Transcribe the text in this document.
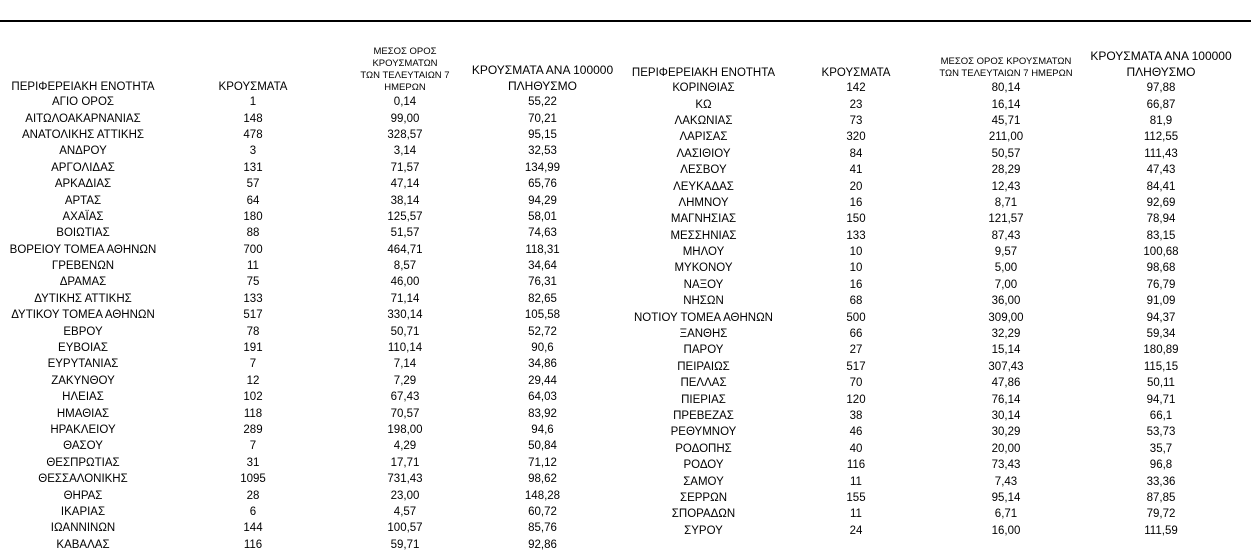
ΠΕΡΙΦΕΡΕΙΑΚΗ ΕΝΟΤΗΤΑ	ΚΡΟΥΣΜΑΤΑ	ΜΕΣΟΣ ΟΡΟΣ ΚΡΟΥΣΜΑΤΩΝ
ΤΩΝ ΤΕΛΕΥΤΑΙΩΝ 7 ΗΜΕΡΩΝ	ΚΡΟΥΣΜΑΤΑ ΑΝΑ 100000
ΠΛΗΘΥΣΜΟ
ΑΓΙΟ ΟΡΟΣ	1	0,14	55,22
ΑΙΤΩΛΟΑΚΑΡΝΑΝΙΑΣ	148	99,00	70,21
ΑΝΑΤΟΛΙΚΗΣ ΑΤΤΙΚΗΣ	478	328,57	95,15
ΑΝΔΡΟΥ	3	3,14	32,53
ΑΡΓΟΛΙΔΑΣ	131	71,57	134,99
ΑΡΚΑΔΙΑΣ	57	47,14	65,76
ΑΡΤΑΣ	64	38,14	94,29
ΑΧΑΪΑΣ	180	125,57	58,01
ΒΟΙΩΤΙΑΣ	88	51,57	74,63
ΒΟΡΕΙΟΥ ΤΟΜΕΑ ΑΘΗΝΩΝ	700	464,71	118,31
ΓΡΕΒΕΝΩΝ	11	8,57	34,64
ΔΡΑΜΑΣ	75	46,00	76,31
ΔΥΤΙΚΗΣ ΑΤΤΙΚΗΣ	133	71,14	82,65
ΔΥΤΙΚΟΥ ΤΟΜΕΑ ΑΘΗΝΩΝ	517	330,14	105,58
ΕΒΡΟΥ	78	50,71	52,72
ΕΥΒΟΙΑΣ	191	110,14	90,6
ΕΥΡΥΤΑΝΙΑΣ	7	7,14	34,86
ΖΑΚΥΝΘΟΥ	12	7,29	29,44
ΗΛΕΙΑΣ	102	67,43	64,03
ΗΜΑΘΙΑΣ	118	70,57	83,92
ΗΡΑΚΛΕΙΟΥ	289	198,00	94,6
ΘΑΣΟΥ	7	4,29	50,84
ΘΕΣΠΡΩΤΙΑΣ	31	17,71	71,12
ΘΕΣΣΑΛΟΝΙΚΗΣ	1095	731,43	98,62
ΘΗΡΑΣ	28	23,00	148,28
ΙΚΑΡΙΑΣ	6	4,57	60,72
ΙΩΑΝΝΙΝΩΝ	144	100,57	85,76
ΚΑΒΑΛΑΣ	116	59,71	92,86
ΠΕΡΙΦΕΡΕΙΑΚΗ ΕΝΟΤΗΤΑ	ΚΡΟΥΣΜΑΤΑ	ΜΕΣΟΣ ΟΡΟΣ ΚΡΟΥΣΜΑΤΩΝ
ΤΩΝ ΤΕΛΕΥΤΑΙΩΝ 7 ΗΜΕΡΩΝ	ΚΡΟΥΣΜΑΤΑ ΑΝΑ 100000
ΠΛΗΘΥΣΜΟ
ΚΟΡΙΝΘΙΑΣ	142	80,14	97,88
ΚΩ	23	16,14	66,87
ΛΑΚΩΝΙΑΣ	73	45,71	81,9
ΛΑΡΙΣΑΣ	320	211,00	112,55
ΛΑΣΙΘΙΟΥ	84	50,57	111,43
ΛΕΣΒΟΥ	41	28,29	47,43
ΛΕΥΚΑΔΑΣ	20	12,43	84,41
ΛΗΜΝΟΥ	16	8,71	92,69
ΜΑΓΝΗΣΙΑΣ	150	121,57	78,94
ΜΕΣΣΗΝΙΑΣ	133	87,43	83,15
ΜΗΛΟΥ	10	9,57	100,68
ΜΥΚΟΝΟΥ	10	5,00	98,68
ΝΑΞΟΥ	16	7,00	76,79
ΝΗΣΩΝ	68	36,00	91,09
ΝΟΤΙΟΥ ΤΟΜΕΑ ΑΘΗΝΩΝ	500	309,00	94,37
ΞΑΝΘΗΣ	66	32,29	59,34
ΠΑΡΟΥ	27	15,14	180,89
ΠΕΙΡΑΙΩΣ	517	307,43	115,15
ΠΕΛΛΑΣ	70	47,86	50,11
ΠΙΕΡΙΑΣ	120	76,14	94,71
ΠΡΕΒΕΖΑΣ	38	30,14	66,1
ΡΕΘΥΜΝΟΥ	46	30,29	53,73
ΡΟΔΟΠΗΣ	40	20,00	35,7
ΡΟΔΟΥ	116	73,43	96,8
ΣΑΜΟΥ	11	7,43	33,36
ΣΕΡΡΩΝ	155	95,14	87,85
ΣΠΟΡΑΔΩΝ	11	6,71	79,72
ΣΥΡΟΥ	24	16,00	111,59
